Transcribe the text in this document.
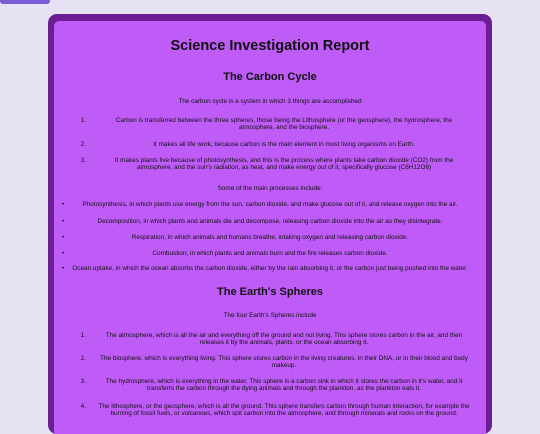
Science Investigation Report
The Carbon Cycle
The carbon cycle is a system in which 3 things are accomplished
1.	Carbon is transferred between the three spheres, those being the Lithosphere (or the geosphere), the hydrosphere, the atmosphere, and the biosphere.
2.	It makes all life work, because carbon is the main element in most living organisms on Earth.
3.	It makes plants live because of photosynthesis, and this is the process where plants take carbon dioxide (CO2) from the atmosphere, and the sun's radiation, as heat, and make energy out of it, specifically glucose (C6H12O6)
Some of the main processes include:
•	Photosynthesis, in which plants use energy from the sun, carbon dioxide, and make glucose out of it, and release oxygen into the air.
•	Decomposition, in which plants and animals die and decompose, releasing carbon dioxide into the air as they disintegrate.
•	Respiration, in which animals and humans breathe, intaking oxygen and releasing carbon dioxide.
•	Combustion, in which plants and animals burn and the fire releases carbon dioxide.
•	Ocean uptake, in which the ocean absorbs the carbon dioxide, either by the rain absorbing it, or the carbon just being pushed into the water.
The Earth's Spheres
The four Earth's Spheres include
1.	The atmosphere, which is all the air and everything off the ground and not living. This sphere stores carbon in the air, and then releases it by the animals, plants, or the ocean absorbing it.
2.	The biosphere, which is everything living. This sphere stores carbon in the living creatures, in their DNA, or in their blood and body makeup.
3.	The hydrosphere, which is everything in the water. This sphere is a carbon sink in which it stores the carbon in it's water, and it transferrs the carbon through the dying animals and through the plankton, as the plankton eats it.
4. The lithosphere, or the geosphere, which is all the ground. This sphere transfers carbon through human interaction, for example the burning of fossil fuels, or volcanoes, which spit carbon into the atmosphere, and through minerals and rocks on the ground.
